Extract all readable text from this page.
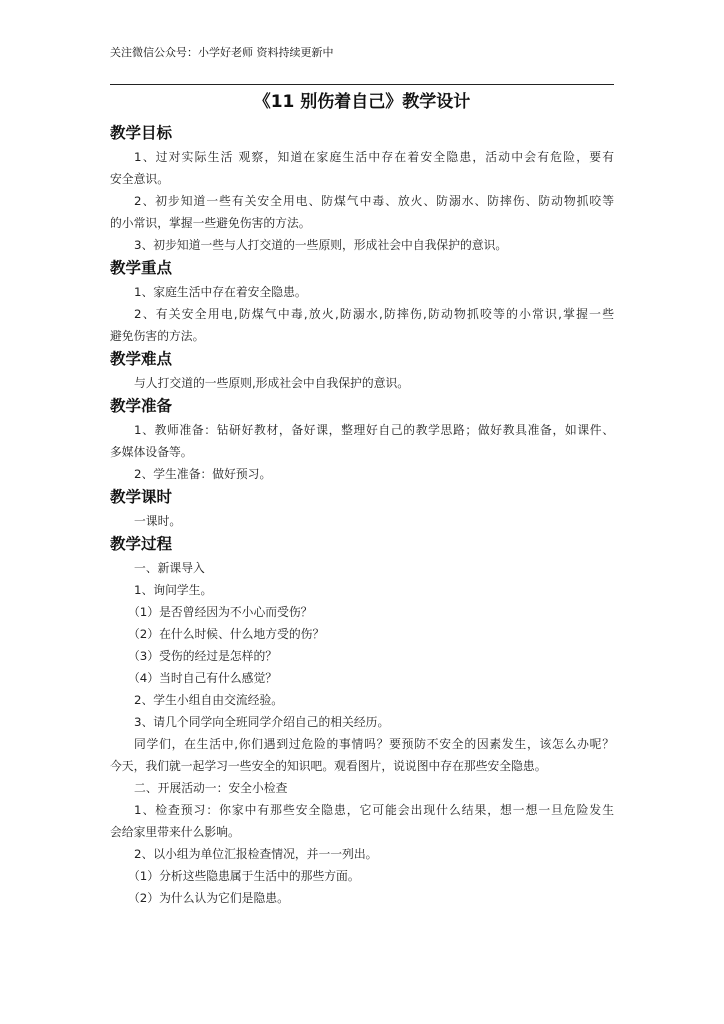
关注微信公众号：小学好老师 资料持续更新中
《11 别伤着自己》教学设计
教学目标
1、过对实际生活 观察，知道在家庭生活中存在着安全隐患，活动中会有危险，要有
安全意识。
2、初步知道一些有关安全用电、防煤气中毒、放火、防溺水、防摔伤、防动物抓咬等
的小常识，掌握一些避免伤害的方法。
3、初步知道一些与人打交道的一些原则，形成社会中自我保护的意识。
教学重点
1、家庭生活中存在着安全隐患。
2、有关安全用电,防煤气中毒,放火,防溺水,防摔伤,防动物抓咬等的小常识,掌握一些
避免伤害的方法。
教学难点
与人打交道的一些原则,形成社会中自我保护的意识。
教学准备
1、教师准备：钻研好教材，备好课，整理好自己的教学思路；做好教具准备，如课件、
多媒体设备等。
2、学生准备：做好预习。
教学课时
一课时。
教学过程
一、新课导入
1、询问学生。
（1）是否曾经因为不小心而受伤？
（2）在什么时候、什么地方受的伤？
（3）受伤的经过是怎样的？
（4）当时自己有什么感觉？
2、学生小组自由交流经验。
3、请几个同学向全班同学介绍自己的相关经历。
同学们，在生活中,你们遇到过危险的事情吗？要预防不安全的因素发生，该怎么办呢？
今天，我们就一起学习一些安全的知识吧。观看图片，说说图中存在那些安全隐患。
二、开展活动一：安全小检查
1、检查预习：你家中有那些安全隐患，它可能会出现什么结果，想一想一旦危险发生
会给家里带来什么影响。
2、以小组为单位汇报检查情况，并一一列出。
（1）分析这些隐患属于生活中的那些方面。
（2）为什么认为它们是隐患。
